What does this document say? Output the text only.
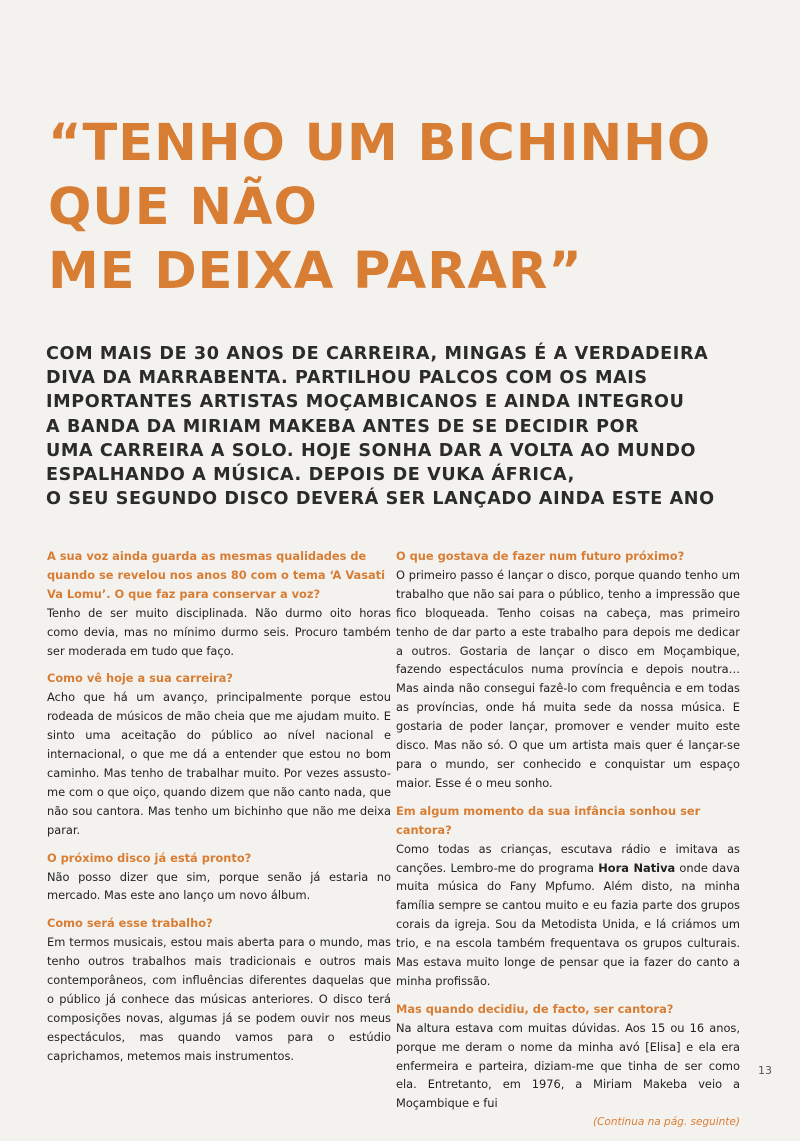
“TENHO UM BICHINHO
QUE NÃO
ME DEIXA PARAR”

COM MAIS DE 30 ANOS DE CARREIRA, MINGAS É A VERDADEIRA
DIVA DA MARRABENTA. PARTILHOU PALCOS COM OS MAIS
IMPORTANTES ARTISTAS MOÇAMBICANOS E AINDA INTEGROU
A BANDA DA MIRIAM MAKEBA ANTES DE SE DECIDIR POR
UMA CARREIRA A SOLO. HOJE SONHA DAR A VOLTA AO MUNDO
ESPALHANDO A MÚSICA. DEPOIS DE VUKA ÁFRICA,
O SEU SEGUNDO DISCO DEVERÁ SER LANÇADO AINDA ESTE ANO

A sua voz ainda guarda as mesmas qualidades de quando se revelou nos anos 80 com o tema ‘A Vasati Va Lomu’. O que faz para conservar a voz?

Tenho de ser muito disciplinada. Não durmo oito horas como devia, mas no mínimo durmo seis. Procuro também ser moderada em tudo que faço.

Como vê hoje a sua carreira?

Acho que há um avanço, principalmente porque estou rodeada de músicos de mão cheia que me ajudam muito. E sinto uma aceitação do público ao nível nacional e internacional, o que me dá a entender que estou no bom caminho. Mas tenho de trabalhar muito. Por vezes assusto-me com o que oiço, quando dizem que não canto nada, que não sou cantora. Mas tenho um bichinho que não me deixa parar.

O próximo disco já está pronto?

Não posso dizer que sim, porque senão já estaria no mercado. Mas este ano lanço um novo álbum.

Como será esse trabalho?

Em termos musicais, estou mais aberta para o mundo, mas tenho outros trabalhos mais tradicionais e outros mais contemporâneos, com influências diferentes daquelas que o público já conhece das músicas anteriores. O disco terá composições novas, algumas já se podem ouvir nos meus espectáculos, mas quando vamos para o estúdio caprichamos, metemos mais instrumentos.

O que gostava de fazer num futuro próximo?

O primeiro passo é lançar o disco, porque quando tenho um trabalho que não sai para o público, tenho a impressão que fico bloqueada. Tenho coisas na cabeça, mas primeiro tenho de dar parto a este trabalho para depois me dedicar a outros. Gostaria de lançar o disco em Moçambique, fazendo espectáculos numa província e depois noutra… Mas ainda não consegui fazê-lo com frequência e em todas as províncias, onde há muita sede da nossa música. E gostaria de poder lançar, promover e vender muito este disco. Mas não só. O que um artista mais quer é lançar-se para o mundo, ser conhecido e conquistar um espaço maior. Esse é o meu sonho.

Em algum momento da sua infância sonhou ser cantora?

Como todas as crianças, escutava rádio e imitava as canções. Lembro-me do programa Hora Nativa onde dava muita música do Fany Mpfumo. Além disto, na minha família sempre se cantou muito e eu fazia parte dos grupos corais da igreja. Sou da Metodista Unida, e lá criámos um trio, e na escola também frequentava os grupos culturais. Mas estava muito longe de pensar que ia fazer do canto a minha profissão.

Mas quando decidiu, de facto, ser cantora?

Na altura estava com muitas dúvidas. Aos 15 ou 16 anos, porque me deram o nome da minha avó [Elisa] e ela era enfermeira e parteira, diziam-me que tinha de ser como ela. Entretanto, em 1976, a Miriam Makeba veio a Moçambique e fui

(Continua na pág. seguinte)

13
